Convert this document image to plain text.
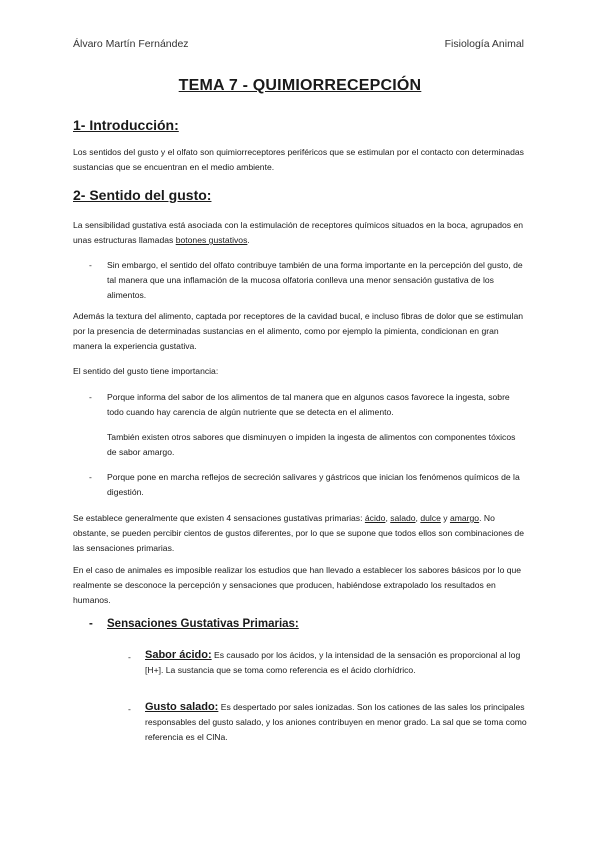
Álvaro Martín Fernández	Fisiología Animal
TEMA 7 - QUIMIORRECEPCIÓN
1- Introducción:

Los sentidos del gusto y el olfato son quimiorreceptores periféricos que se estimulan por el contacto con determinadas sustancias que se encuentran en el medio ambiente.

2- Sentido del gusto:

La sensibilidad gustativa está asociada con la estimulación de receptores químicos situados en la boca, agrupados en unas estructuras llamadas botones gustativos.

- Sin embargo, el sentido del olfato contribuye también de una forma importante en la percepción del gusto, de tal manera que una inflamación de la mucosa olfatoria conlleva una menor sensación gustativa de los alimentos.

Además la textura del alimento, captada por receptores de la cavidad bucal, e incluso fibras de dolor que se estimulan por la presencia de determinadas sustancias en el alimento, como por ejemplo la pimienta, condicionan en gran manera la experiencia gustativa.

El sentido del gusto tiene importancia:

- Porque informa del sabor de los alimentos de tal manera que en algunos casos favorece la ingesta, sobre todo cuando hay carencia de algún nutriente que se detecta en el alimento.

También existen otros sabores que disminuyen o impiden la ingesta de alimentos con componentes tóxicos de sabor amargo.

- Porque pone en marcha reflejos de secreción salivares y gástricos que inician los fenómenos químicos de la digestión.

Se establece generalmente que existen 4 sensaciones gustativas primarias: ácido, salado, dulce y amargo. No obstante, se pueden percibir cientos de gustos diferentes, por lo que se supone que todos ellos son combinaciones de las sensaciones primarias.

En el caso de animales es imposible realizar los estudios que han llevado a establecer los sabores básicos por lo que realmente se desconoce la percepción y sensaciones que producen, habiéndose extrapolado los resultados en humanos.

- Sensaciones Gustativas Primarias:
- Sabor ácido: Es causado por los ácidos, y la intensidad de la sensación es proporcional al log [H+]. La sustancia que se toma como referencia es el ácido clorhídrico.

- Gusto salado: Es despertado por sales ionizadas. Son los cationes de las sales los principales responsables del gusto salado, y los aniones contribuyen en menor grado. La sal que se toma como referencia es el ClNa.
